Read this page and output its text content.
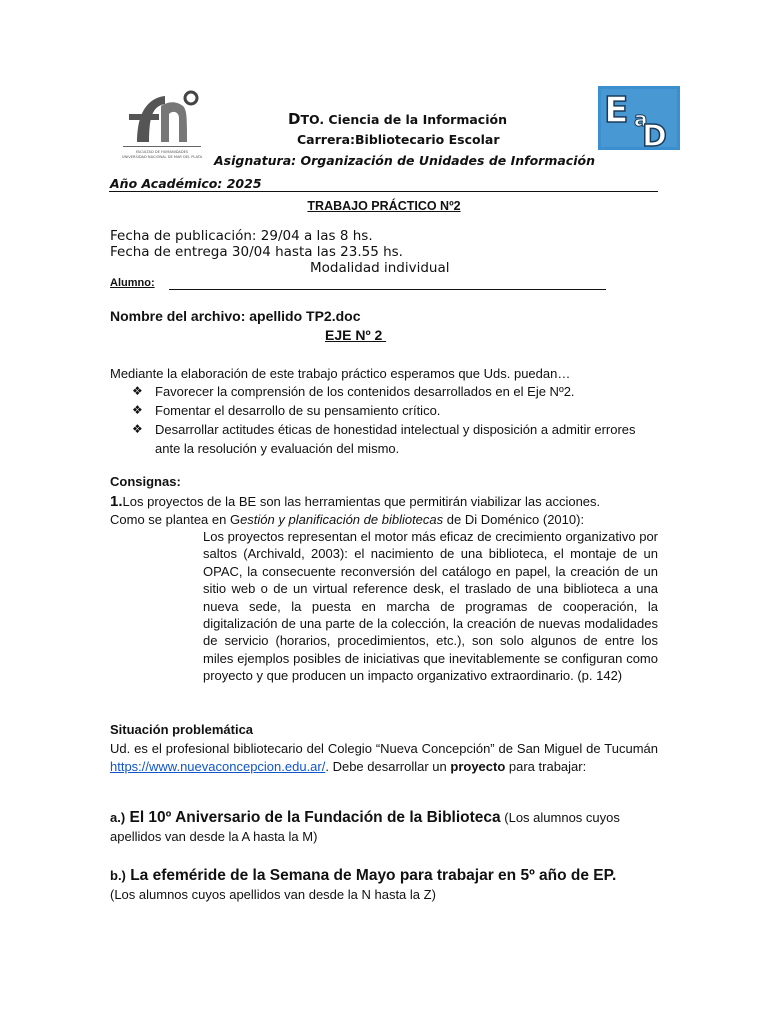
FACULTAD DE HUMANIDADES
UNIVERSIDAD NACIONAL DE MAR DEL PLATA
E a
D
DTO. Ciencia de la Información
Carrera:Bibliotecario Escolar
Asignatura: Organización de Unidades de Información
Año Académico: 2025
TRABAJO PRÁCTICO Nº2
Fecha de publicación: 29/04 a las 8 hs.
Fecha de entrega 30/04 hasta las 23.55 hs.
Modalidad individual
Alumno:
Nombre del archivo: apellido TP2.doc
EJE Nº 2
Mediante la elaboración de este trabajo práctico esperamos que Uds. puedan…
❖ Favorecer la comprensión de los contenidos desarrollados en el Eje Nº2.
❖ Fomentar el desarrollo de su pensamiento crítico.
❖ Desarrollar actitudes éticas de honestidad intelectual y disposición a admitir errores ante la resolución y evaluación del mismo.
Consignas:
1.Los proyectos de la BE son las herramientas que permitirán viabilizar las acciones.
Como se plantea en Gestión y planificación de bibliotecas de Di Doménico (2010):
Los proyectos representan el motor más eficaz de crecimiento organizativo por saltos (Archivald, 2003): el nacimiento de una biblioteca, el montaje de un OPAC, la consecuente reconversión del catálogo en papel, la creación de un sitio web o de un virtual reference desk, el traslado de una biblioteca a una nueva sede, la puesta en marcha de programas de cooperación, la digitalización de una parte de la colección, la creación de nuevas modalidades de servicio (horarios, procedimientos, etc.), son solo algunos de entre los miles ejemplos posibles de iniciativas que inevitablemente se configuran como proyecto y que producen un impacto organizativo extraordinario. (p. 142)
Situación problemática
Ud. es el profesional bibliotecario del Colegio “Nueva Concepción” de San Miguel de Tucumán https://www.nuevaconcepcion.edu.ar/. Debe desarrollar un proyecto para trabajar:
a.) El 10º Aniversario de la Fundación de la Biblioteca (Los alumnos cuyos apellidos van desde la A hasta la M)
b.) La efeméride de la Semana de Mayo para trabajar en 5º año de EP.
(Los alumnos cuyos apellidos van desde la N hasta la Z)
